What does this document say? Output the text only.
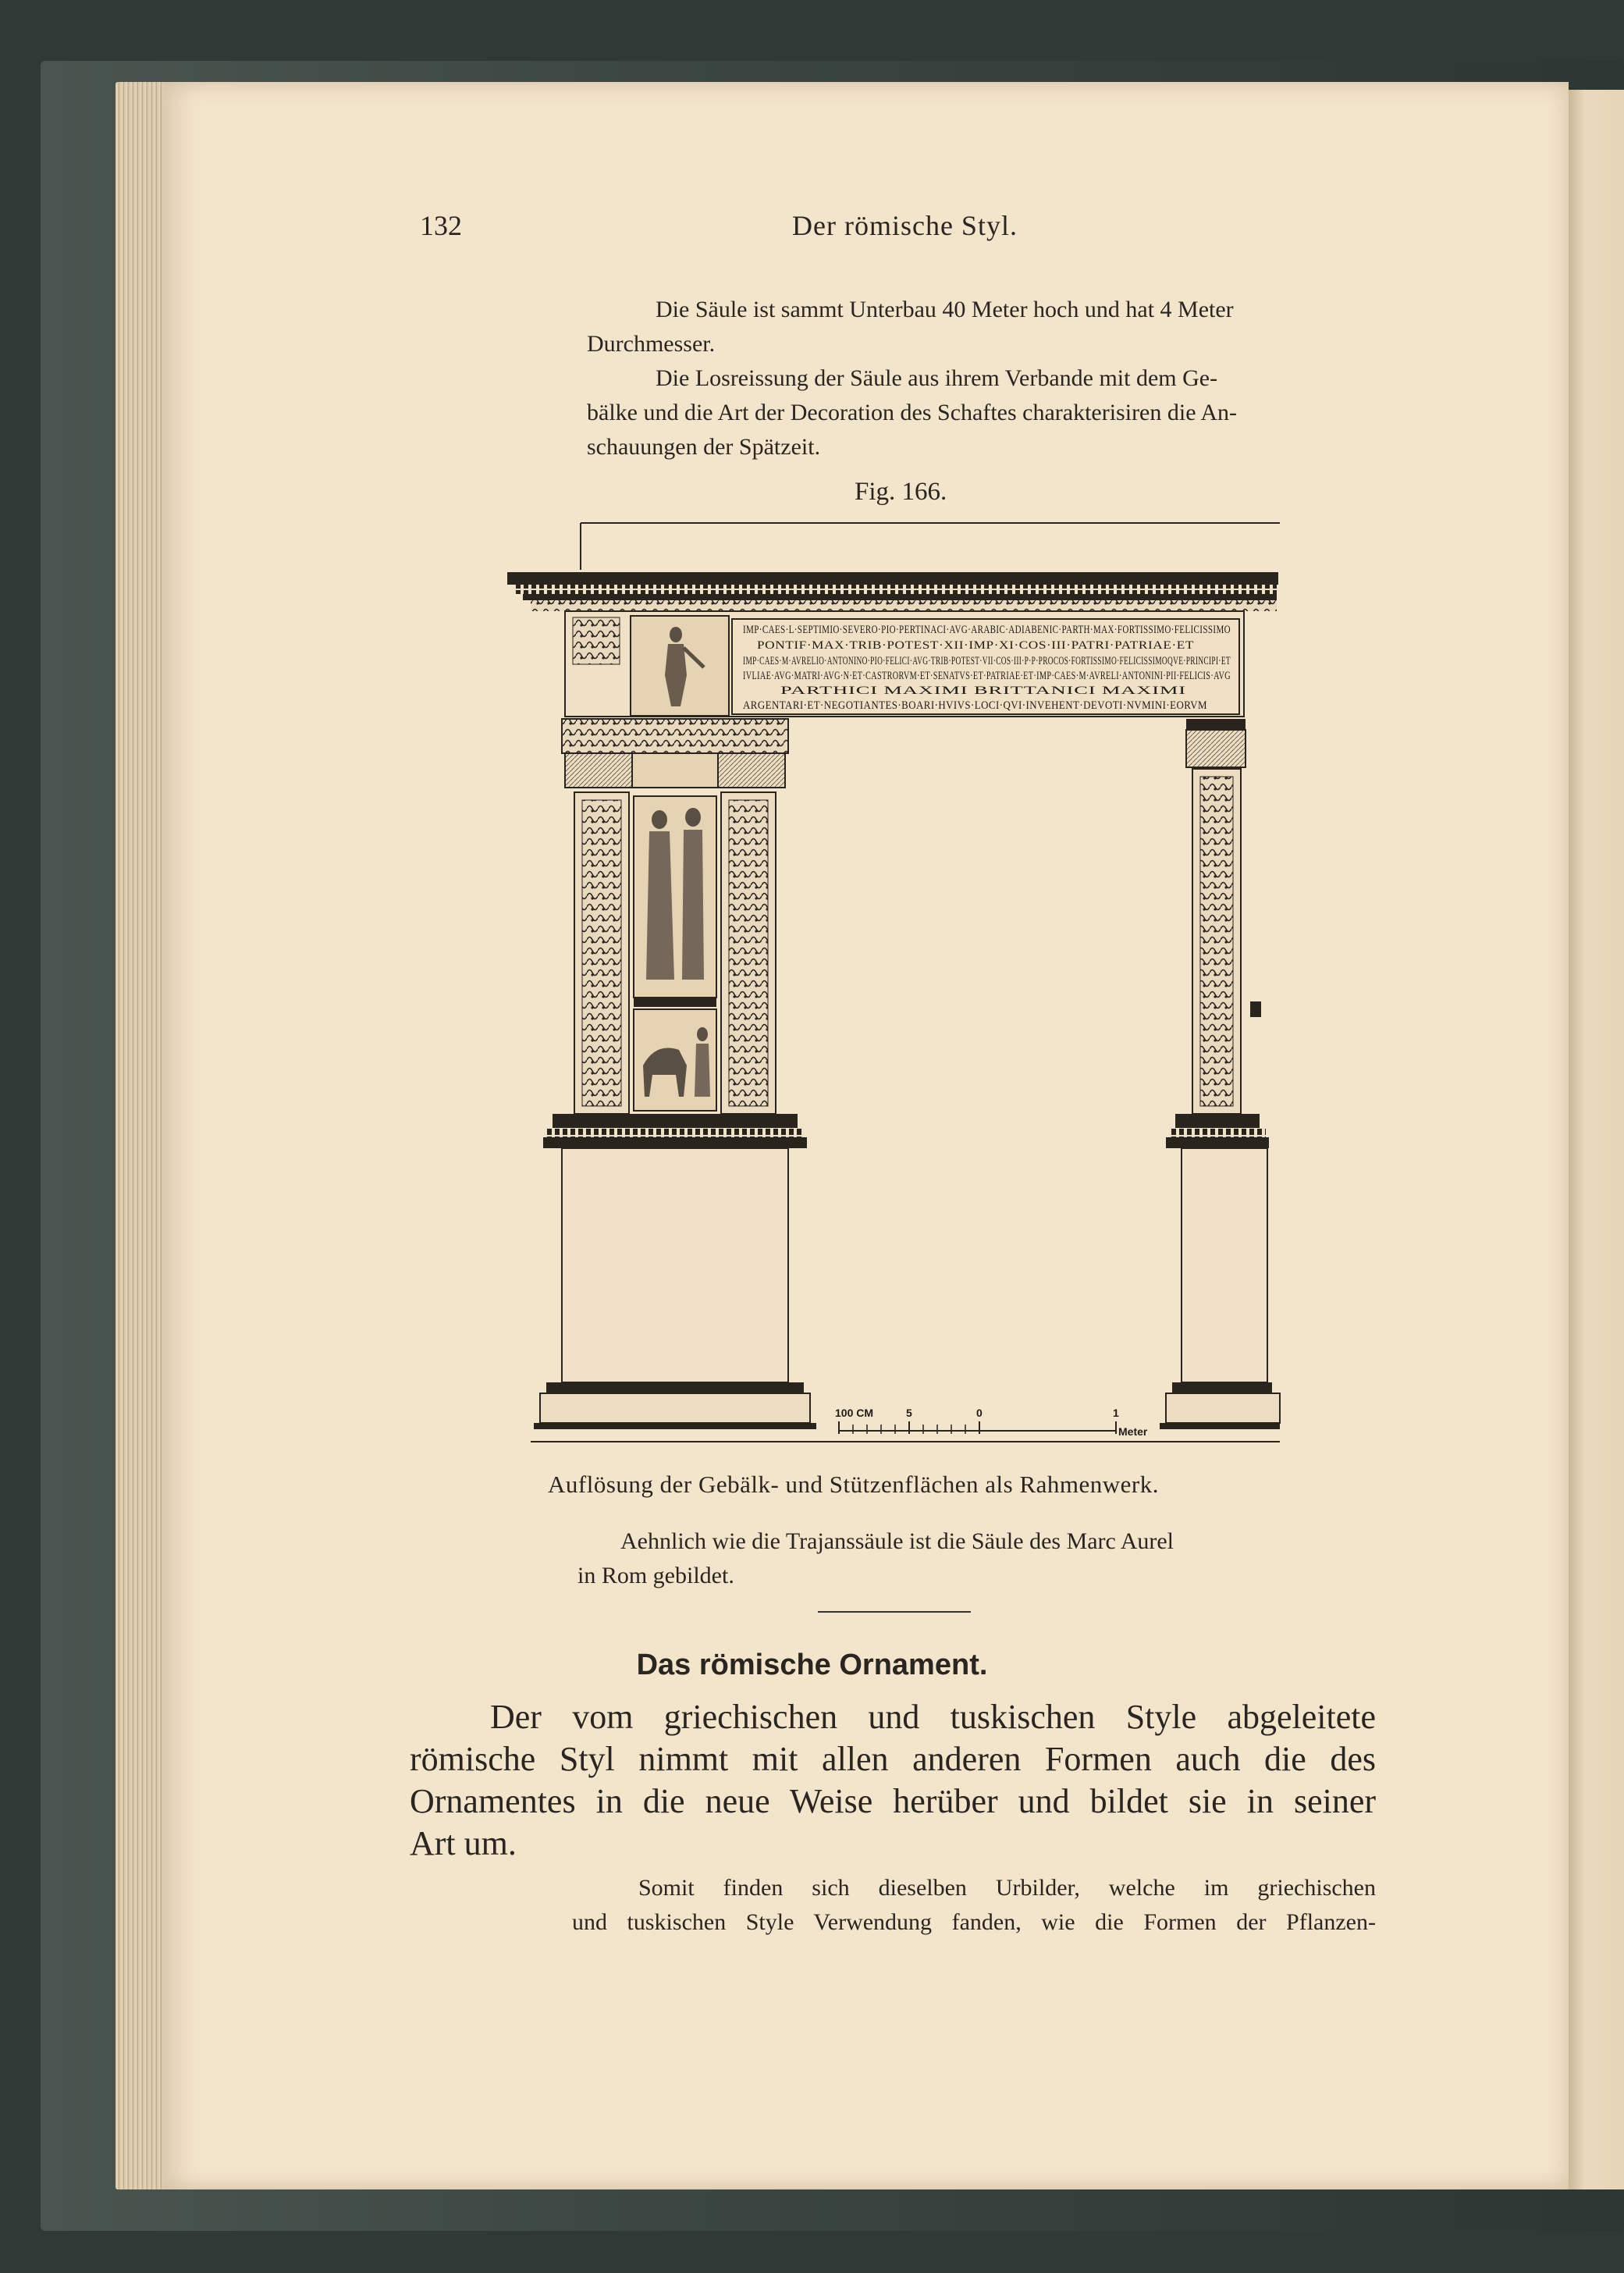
132	Der römische Styl.
Die Säule ist sammt Unterbau 40 Meter hoch und hat 4 Meter
Durchmesser.
Die Losreissung der Säule aus ihrem Verbande mit dem Ge-
bälke und die Art der Decoration des Schaftes charakterisiren die An-
schauungen der Spätzeit.
Fig. 166.
IMP·CAES·L·SEPTIMIO·SEVERO·PIO·PERTINACI·AVG·ARABIC·ADIABENIC·PARTH·MAX·FORTISSIMO·FELICISSIMO
PONTIF·MAX·TRIB·POTEST·XII·IMP·XI·COS·III·PATRI·PATRIAE·ET
IMP·CAES·M·AVRELIO·ANTONINO·PIO·FELICI·AVG·TRIB·POTEST·VII·COS·III·P·P·PROCOS·FORTISSIMO·FELICISSIMOQVE·PRINCIPI·ET
IVLIAE·AVG·MATRI·AVG·N·ET·CASTRORVM·ET·SENATVS·ET·PATRIAE·ET·IMP·CAES·M·AVRELI·ANTONINI·PII·FELICIS·AVG
PARTHICI MAXIMI BRITTANICI MAXIMI
ARGENTARI·ET·NEGOTIANTES·BOARI·HVIVS·LOCI·QVI·INVEHENT·DEVOTI·NVMINI·EORVM
100 CM	5	0	1
Meter
Auflösung der Gebälk- und Stützenflächen als Rahmenwerk.
Aehnlich wie die Trajanssäule ist die Säule des Marc Aurel
in Rom gebildet.
Das römische Ornament.
Der vom griechischen und tuskischen Style abgeleitete
römische Styl nimmt mit allen anderen Formen auch die des
Ornamentes in die neue Weise herüber und bildet sie in seiner
Art um.
Somit finden sich dieselben Urbilder, welche im griechischen
und tuskischen Style Verwendung fanden, wie die Formen der Pflanzen-
